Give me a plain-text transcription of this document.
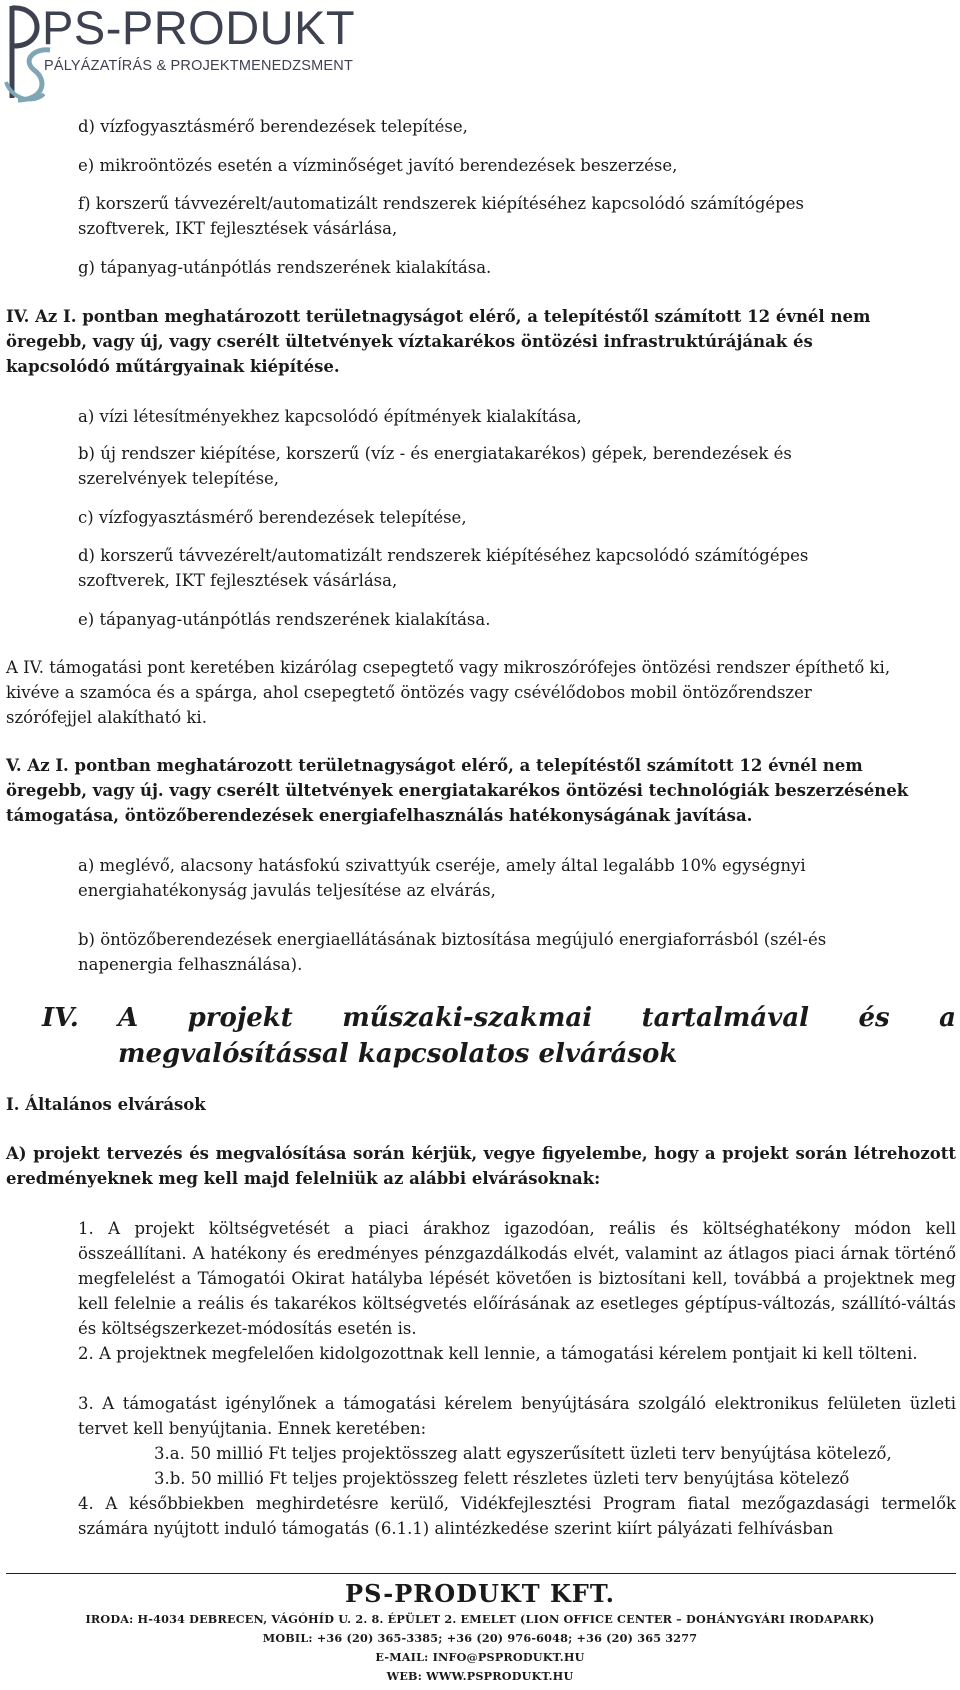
PS-PRODUKT
PÁLYÁZATÍRÁS & PROJEKTMENEDZSMENT
d) vízfogyasztásmérő berendezések telepítése,
e) mikroöntözés esetén a vízminőséget javító berendezések beszerzése,
f) korszerű távvezérelt/automatizált rendszerek kiépítéséhez kapcsolódó számítógépes
szoftverek, IKT fejlesztések vásárlása,
g) tápanyag-utánpótlás rendszerének kialakítása.
IV. Az I. pontban meghatározott területnagyságot elérő, a telepítéstől számított 12 évnél nem
öregebb, vagy új, vagy cserélt ültetvények víztakarékos öntözési infrastruktúrájának és
kapcsolódó műtárgyainak kiépítése.
a) vízi létesítményekhez kapcsolódó építmények kialakítása,
b) új rendszer kiépítése, korszerű (víz - és energiatakarékos) gépek, berendezések és
szerelvények telepítése,
c) vízfogyasztásmérő berendezések telepítése,
d) korszerű távvezérelt/automatizált rendszerek kiépítéséhez kapcsolódó számítógépes
szoftverek, IKT fejlesztések vásárlása,
e) tápanyag-utánpótlás rendszerének kialakítása.
A IV. támogatási pont keretében kizárólag csepegtető vagy mikroszórófejes öntözési rendszer építhető ki,
kivéve a szamóca és a spárga, ahol csepegtető öntözés vagy csévélődobos mobil öntözőrendszer
szórófejjel alakítható ki.
V. Az I. pontban meghatározott területnagyságot elérő, a telepítéstől számított 12 évnél nem
öregebb, vagy új. vagy cserélt ültetvények energiatakarékos öntözési technológiák beszerzésének
támogatása, öntözőberendezések energiafelhasználás hatékonyságának javítása.
a) meglévő, alacsony hatásfokú szivattyúk cseréje, amely által legalább 10% egységnyi
energiahatékonyság javulás teljesítése az elvárás,
b) öntözőberendezések energiaellátásának biztosítása megújuló energiaforrásból (szél-és
napenergia felhasználása).
IV. A projekt műszaki-szakmai tartalmával és a megvalósítással kapcsolatos elvárások
I. Általános elvárások
A) projekt tervezés és megvalósítása során kérjük, vegye figyelembe, hogy a projekt során létrehozott eredményeknek meg kell majd felelniük az alábbi elvárásoknak:
1. A projekt költségvetését a piaci árakhoz igazodóan, reális és költséghatékony módon kell összeállítani. A hatékony és eredményes pénzgazdálkodás elvét, valamint az átlagos piaci árnak történő megfelelést a Támogatói Okirat hatályba lépését követően is biztosítani kell, továbbá a projektnek meg kell felelnie a reális és takarékos költségvetés előírásának az esetleges géptípus-változás, szállító-váltás és költségszerkezet-módosítás esetén is.
2. A projektnek megfelelően kidolgozottnak kell lennie, a támogatási kérelem pontjait ki kell tölteni.
3. A támogatást igénylőnek a támogatási kérelem benyújtására szolgáló elektronikus felületen üzleti tervet kell benyújtania. Ennek keretében:
3.a. 50 millió Ft teljes projektösszeg alatt egyszerűsített üzleti terv benyújtása kötelező,
3.b. 50 millió Ft teljes projektösszeg felett részletes üzleti terv benyújtása kötelező
4. A későbbiekben meghirdetésre kerülő, Vidékfejlesztési Program fiatal mezőgazdasági termelők számára nyújtott induló támogatás (6.1.1) alintézkedése szerint kiírt pályázati felhívásban
PS-PRODUKT KFT.
IRODA: H-4034 DEBRECEN, VÁGÓHÍD U. 2. 8. ÉPÜLET 2. EMELET (LION OFFICE CENTER – DOHÁNYGYÁRI IRODAPARK)
MOBIL: +36 (20) 365-3385; +36 (20) 976-6048; +36 (20) 365 3277
E-MAIL: INFO@PSPRODUKT.HU
WEB: WWW.PSPRODUKT.HU
